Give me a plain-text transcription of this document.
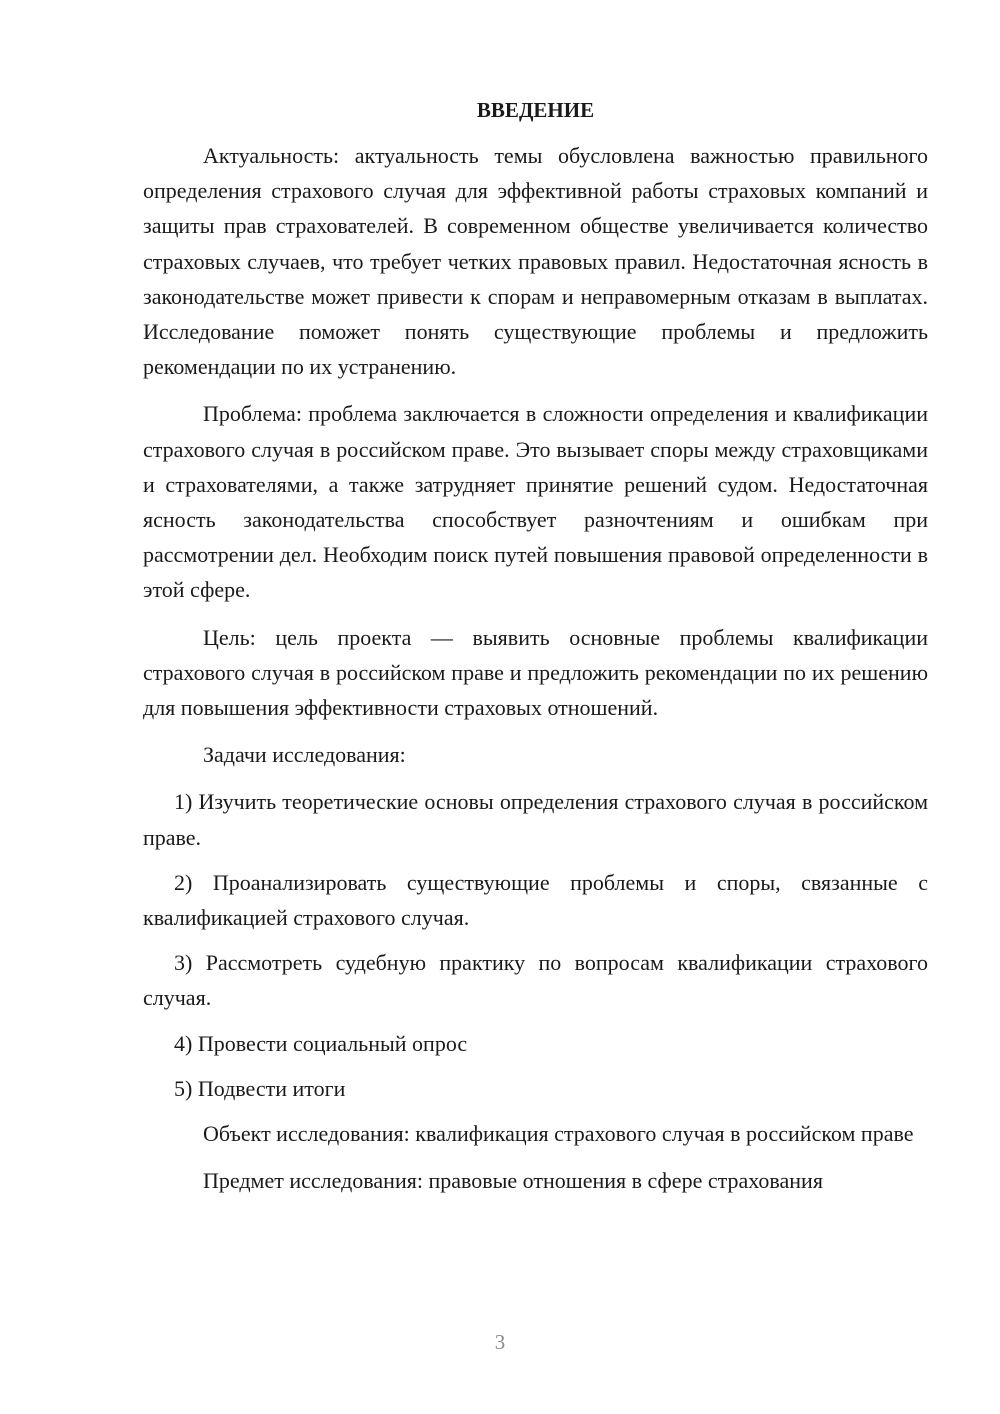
ВВЕДЕНИЕ

Актуальность: актуальность темы обусловлена важностью правильного определения страхового случая для эффективной работы страховых компаний и защиты прав страхователей. В современном обществе увеличивается количество страховых случаев, что требует четких правовых правил. Недостаточная ясность в законодательстве может привести к спорам и неправомерным отказам в выплатах. Исследование поможет понять существующие проблемы и предложить рекомендации по их устранению.

Проблема: проблема заключается в сложности определения и квалификации страхового случая в российском праве. Это вызывает споры между страховщиками и страхователями, а также затрудняет принятие решений судом. Недостаточная ясность законодательства способствует разночтениям и ошибкам при рассмотрении дел. Необходим поиск путей повышения правовой определенности в этой сфере.

Цель: цель проекта — выявить основные проблемы квалификации страхового случая в российском праве и предложить рекомендации по их решению для повышения эффективности страховых отношений.

Задачи исследования:

1) Изучить теоретические основы определения страхового случая в российском праве.

2) Проанализировать существующие проблемы и споры, связанные с квалификацией страхового случая.

3) Рассмотреть судебную практику по вопросам квалификации страхового случая.

4) Провести социальный опрос

5) Подвести итоги

Объект исследования: квалификация страхового случая в российском праве

Предмет исследования: правовые отношения в сфере страхования

3
